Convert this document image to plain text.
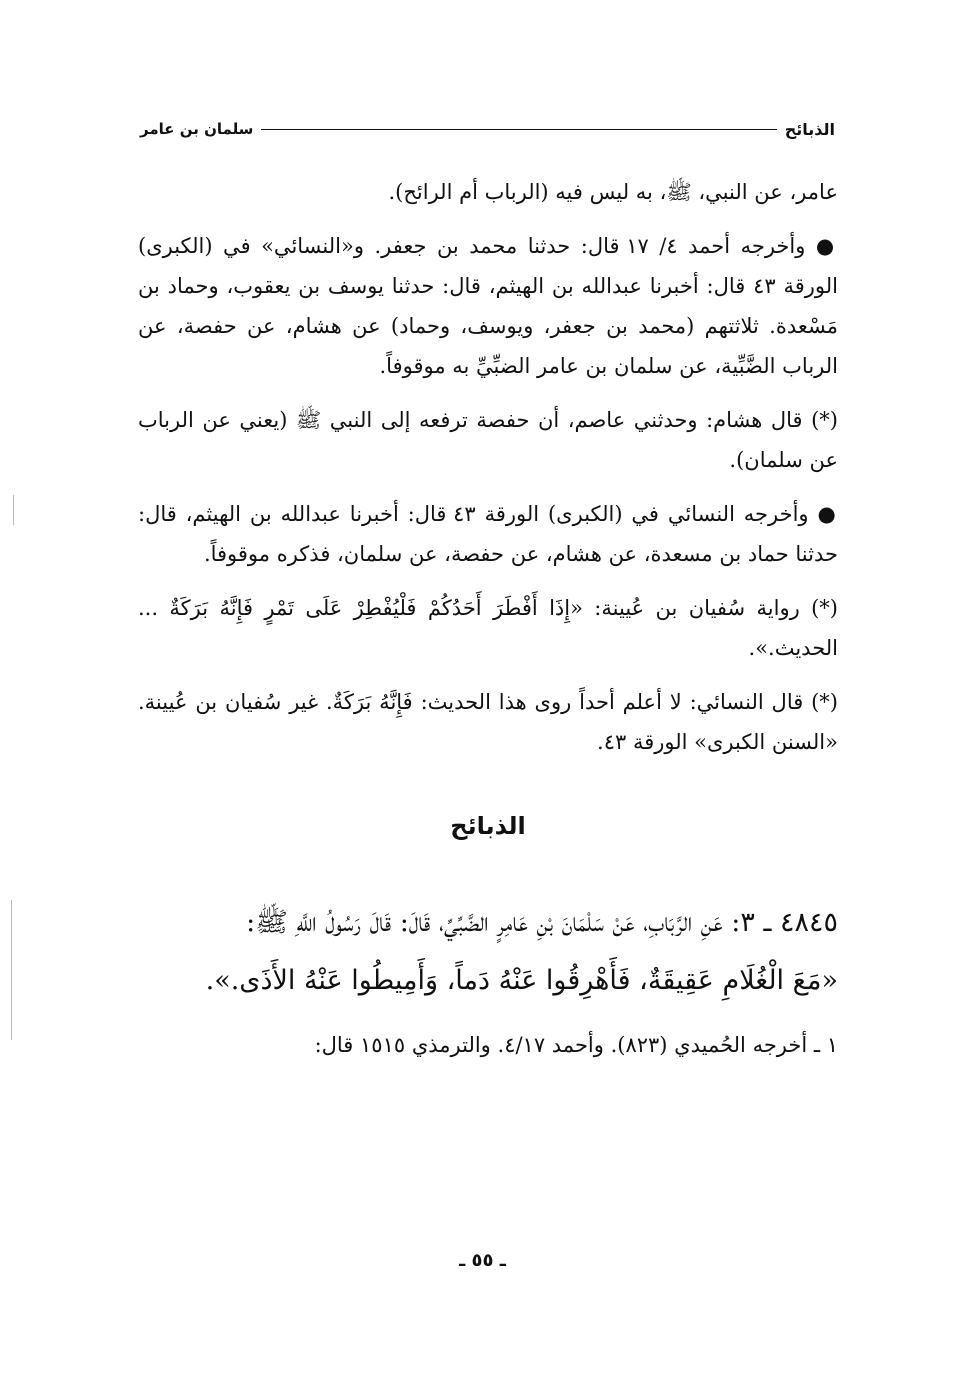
الذبائح
سلمان بن عامر

عامر، عن النبي، ﷺ، به ليس فيه (الرباب أم الرائح).

● وأخرجه أحمد ٤/ ١٧ قال: حدثنا محمد بن جعفر. و«النسائي» في (الكبرى) الورقة ٤٣ قال: أخبرنا عبدالله بن الهيثم، قال: حدثنا يوسف بن يعقوب، وحماد بن مَسْعدة. ثلاثتهم (محمد بن جعفر، ويوسف، وحماد) عن هشام، عن حفصة، عن الرباب الضَّبِّية، عن سلمان بن عامر الضبِّيِّ به موقوفاً.

(*) قال هشام: وحدثني عاصم، أن حفصة ترفعه إلى النبي ﷺ (يعني عن الرباب عن سلمان).

● وأخرجه النسائي في (الكبرى) الورقة ٤٣ قال: أخبرنا عبدالله بن الهيثم، قال: حدثنا حماد بن مسعدة، عن هشام، عن حفصة، عن سلمان، فذكره موقوفاً.

(*) رواية سُفيان بن عُيينة: «إِذَا أَفْطَرَ أَحَدُكُمْ فَلْيُفْطِرْ عَلَى تَمْرٍ فَإِنَّهُ بَرَكَةٌ ... الحديث.».

(*) قال النسائي: لا أعلم أحداً روى هذا الحديث: فَإِنَّهُ بَرَكَةٌ. غير سُفيان بن عُيينة. «السنن الكبرى» الورقة ٤٣.

الذبائح

٤٨٤٥ ـ ٣: عَنِ الرَّبَابِ، عَنْ سَلْمَانَ بْنِ عَامِرٍ الضَّبِّيِّ، قَالَ: قَالَ رَسُولُ اللَّهِ ﷺ:

«مَعَ الْغُلَامِ عَقِيقَةٌ، فَأَهْرِقُوا عَنْهُ دَماً، وَأَمِيطُوا عَنْهُ الأَذَى.».

١ ـ أخرجه الحُميدي (٨٢٣). وأحمد ٤/١٧. والترمذي ١٥١٥ قال:

ـ ٥٥ ـ
